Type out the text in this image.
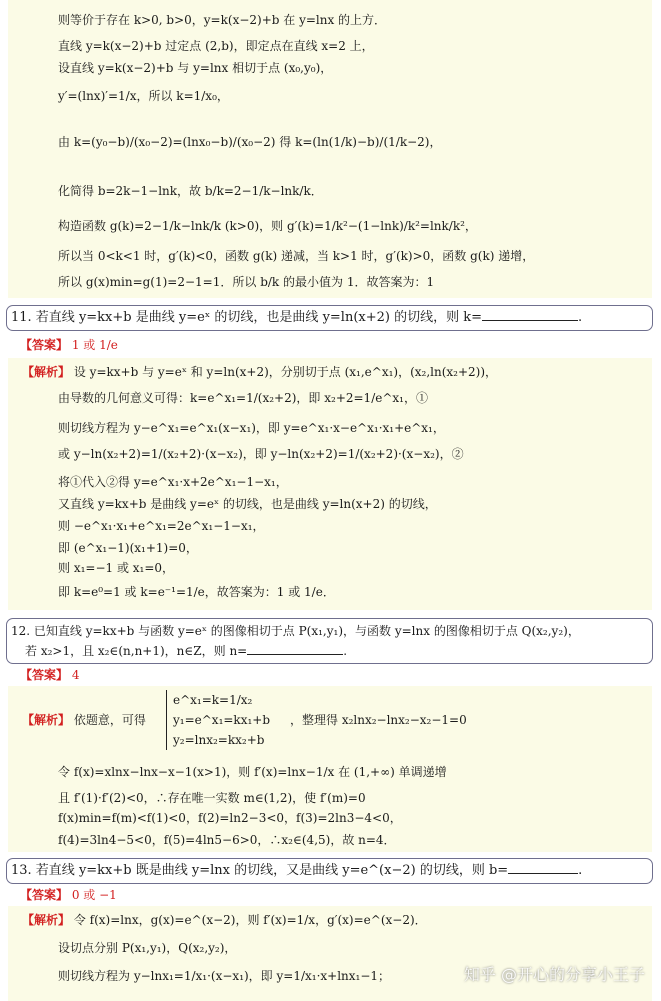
则等价于存在 k>0, b>0，y=k(x−2)+b 在 y=lnx 的上方．
直线 y=k(x−2)+b 过定点 (2,b)，即定点在直线 x=2 上，
设直线 y=k(x−2)+b 与 y=lnx 相切于点 (x₀,y₀)，
y′=(lnx)′=1/x，所以 k=1/x₀，
由 k=(y₀−b)/(x₀−2)=(lnx₀−b)/(x₀−2) 得 k=(ln(1/k)−b)/(1/k−2)，
化简得 b=2k−1−lnk，故 b/k=2−1/k−lnk/k．
构造函数 g(k)=2−1/k−lnk/k (k>0)，则 g′(k)=1/k²−(1−lnk)/k²=lnk/k²，
所以当 0<k<1 时，g′(k)<0，函数 g(k) 递减，当 k>1 时，g′(k)>0，函数 g(k) 递增，
所以 g(x)min=g(1)=2−1=1．所以 b/k 的最小值为 1．故答案为：1
11. 若直线 y=kx+b 是曲线 y=eˣ 的切线，也是曲线 y=ln(x+2) 的切线，则 k=	.
【答案】 1 或 1/e
【解析】 设 y=kx+b 与 y=eˣ 和 y=ln(x+2)，分别切于点 (x₁,e^x₁)，(x₂,ln(x₂+2))，
由导数的几何意义可得：k=e^x₁=1/(x₂+2)，即 x₂+2=1/e^x₁，①
则切线方程为 y−e^x₁=e^x₁(x−x₁)，即 y=e^x₁·x−e^x₁·x₁+e^x₁，
或 y−ln(x₂+2)=1/(x₂+2)·(x−x₂)，即 y−ln(x₂+2)=1/(x₂+2)·(x−x₂)，②
将①代入②得 y=e^x₁·x+2e^x₁−1−x₁，
又直线 y=kx+b 是曲线 y=eˣ 的切线，也是曲线 y=ln(x+2) 的切线，
则 −e^x₁·x₁+e^x₁=2e^x₁−1−x₁，
即 (e^x₁−1)(x₁+1)=0，
则 x₁=−1 或 x₁=0，
即 k=e⁰=1 或 k=e⁻¹=1/e，故答案为：1 或 1/e．
12. 已知直线 y=kx+b 与函数 y=eˣ 的图像相切于点 P(x₁,y₁)，与函数 y=lnx 的图像相切于点 Q(x₂,y₂)，
若 x₂>1，且 x₂∈(n,n+1)，n∈Z，则 n=	.
【答案】 4
【解析】 依题意，可得
e^x₁=k=1/x₂
y₁=e^x₁=kx₁+b
y₂=lnx₂=kx₂+b
，整理得 x₂lnx₂−lnx₂−x₂−1=0
令 f(x)=xlnx−lnx−x−1(x>1)，则 f′(x)=lnx−1/x 在 (1,+∞) 单调递增
且 f′(1)·f′(2)<0，∴存在唯一实数 m∈(1,2)，使 f′(m)=0
f(x)min=f(m)<f(1)<0，f(2)=ln2−3<0，f(3)=2ln3−4<0，
f(4)=3ln4−5<0，f(5)=4ln5−6>0，∴x₂∈(4,5)，故 n=4．
13. 若直线 y=kx+b 既是曲线 y=lnx 的切线，又是曲线 y=e^(x−2) 的切线，则 b=	.
【答案】 0 或 −1
【解析】 令 f(x)=lnx，g(x)=e^(x−2)，则 f′(x)=1/x，g′(x)=e^(x−2)．
设切点分别 P(x₁,y₁)，Q(x₂,y₂)，
则切线方程为 y−lnx₁=1/x₁·(x−x₁)，即 y=1/x₁·x+lnx₁−1；	知乎 @开心的分享小王子
